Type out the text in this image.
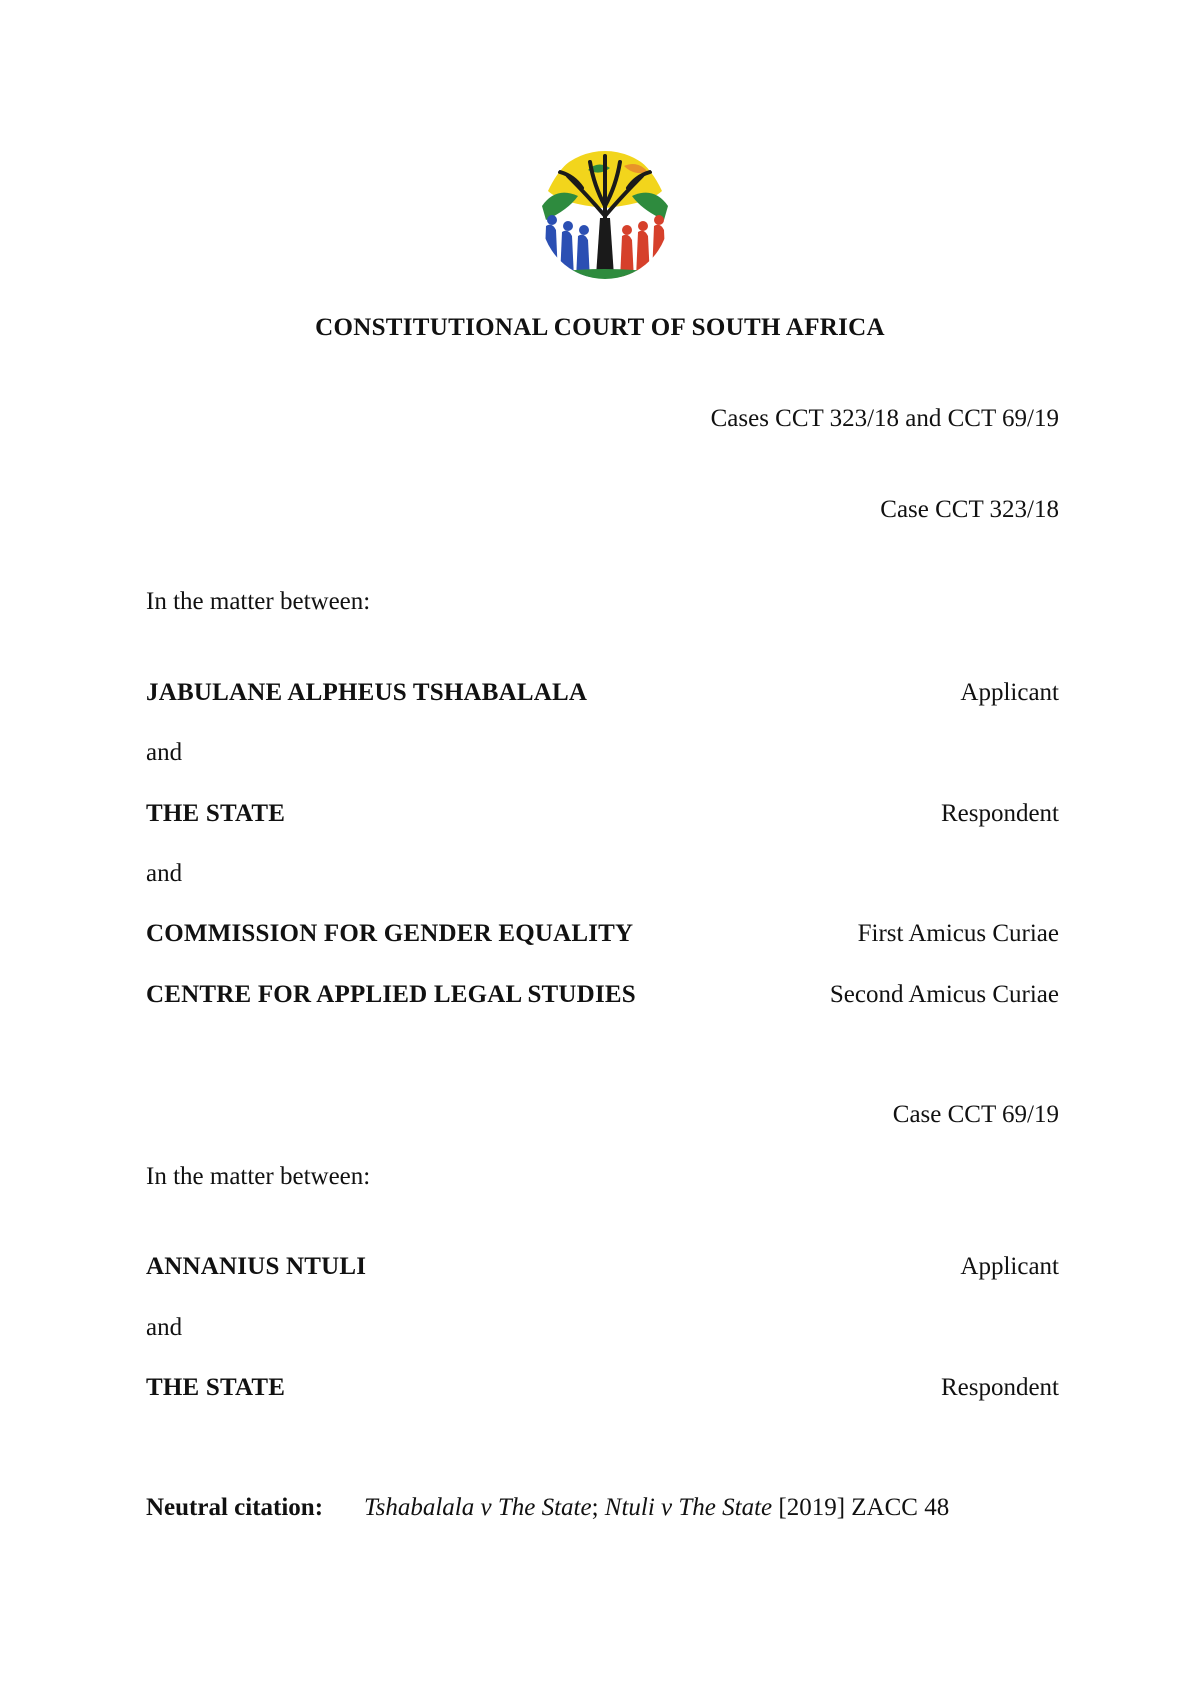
CONSTITUTIONAL COURT OF SOUTH AFRICA
Cases CCT 323/18 and CCT 69/19
Case CCT 323/18
In the matter between:
JABULANE ALPHEUS TSHABALALA	Applicant
and
THE STATE	Respondent
and
COMMISSION FOR GENDER EQUALITY	First Amicus Curiae
CENTRE FOR APPLIED LEGAL STUDIES	Second Amicus Curiae
Case CCT 69/19
In the matter between:
ANNANIUS NTULI	Applicant
and
THE STATE	Respondent
Neutral citation: Tshabalala v The State; Ntuli v The State [2019] ZACC 48
